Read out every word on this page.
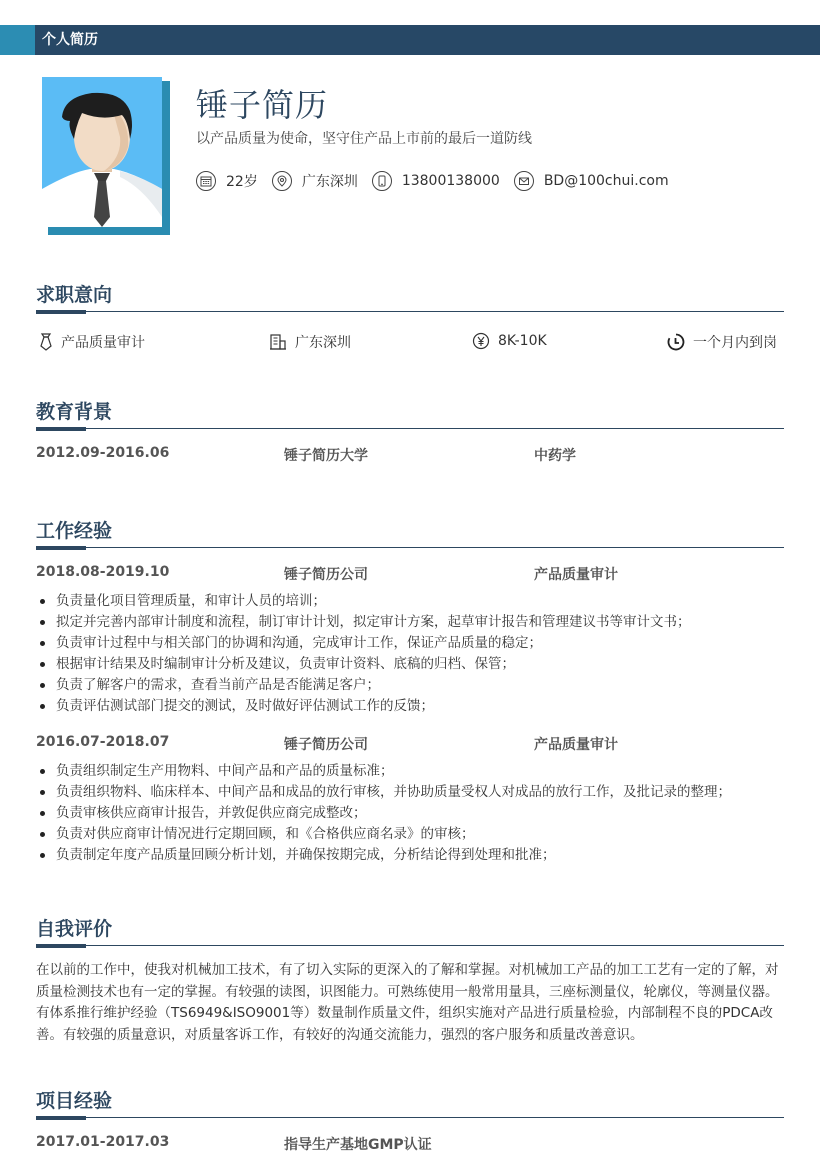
个人简历
锤子简历
以产品质量为使命，坚守住产品上市前的最后一道防线
22岁	广东深圳	13800138000	BD@100chui.com
求职意向
产品质量审计	广东深圳	8K-10K	一个月内到岗
教育背景
2012.09-2016.06	锤子简历大学	中药学
工作经验
2018.08-2019.10	锤子简历公司	产品质量审计
负责量化项目管理质量，和审计人员的培训；
拟定并完善内部审计制度和流程，制订审计计划，拟定审计方案，起草审计报告和管理建议书等审计文书；
负责审计过程中与相关部门的协调和沟通，完成审计工作，保证产品质量的稳定；
根据审计结果及时编制审计分析及建议，负责审计资料、底稿的归档、保管；
负责了解客户的需求，查看当前产品是否能满足客户；
负责评估测试部门提交的测试，及时做好评估测试工作的反馈；
2016.07-2018.07	锤子简历公司	产品质量审计
负责组织制定生产用物料、中间产品和产品的质量标准；
负责组织物料、临床样本、中间产品和成品的放行审核，并协助质量受权人对成品的放行工作，及批记录的整理；
负责审核供应商审计报告，并敦促供应商完成整改；
负责对供应商审计情况进行定期回顾，和《合格供应商名录》的审核；
负责制定年度产品质量回顾分析计划，并确保按期完成，分析结论得到处理和批准；
自我评价
在以前的工作中，使我对机械加工技术，有了切入实际的更深入的了解和掌握。对机械加工产品的加工工艺有一定的了解，对质量检测技术也有一定的掌握。有较强的读图，识图能力。可熟练使用一般常用量具，三座标测量仪，轮廓仪，等测量仪器。有体系推行维护经验（TS6949&ISO9001等）数量制作质量文件，组织实施对产品进行质量检验，内部制程不良的PDCA改善。有较强的质量意识，对质量客诉工作，有较好的沟通交流能力，强烈的客户服务和质量改善意识。
项目经验
2017.01-2017.03	指导生产基地GMP认证
